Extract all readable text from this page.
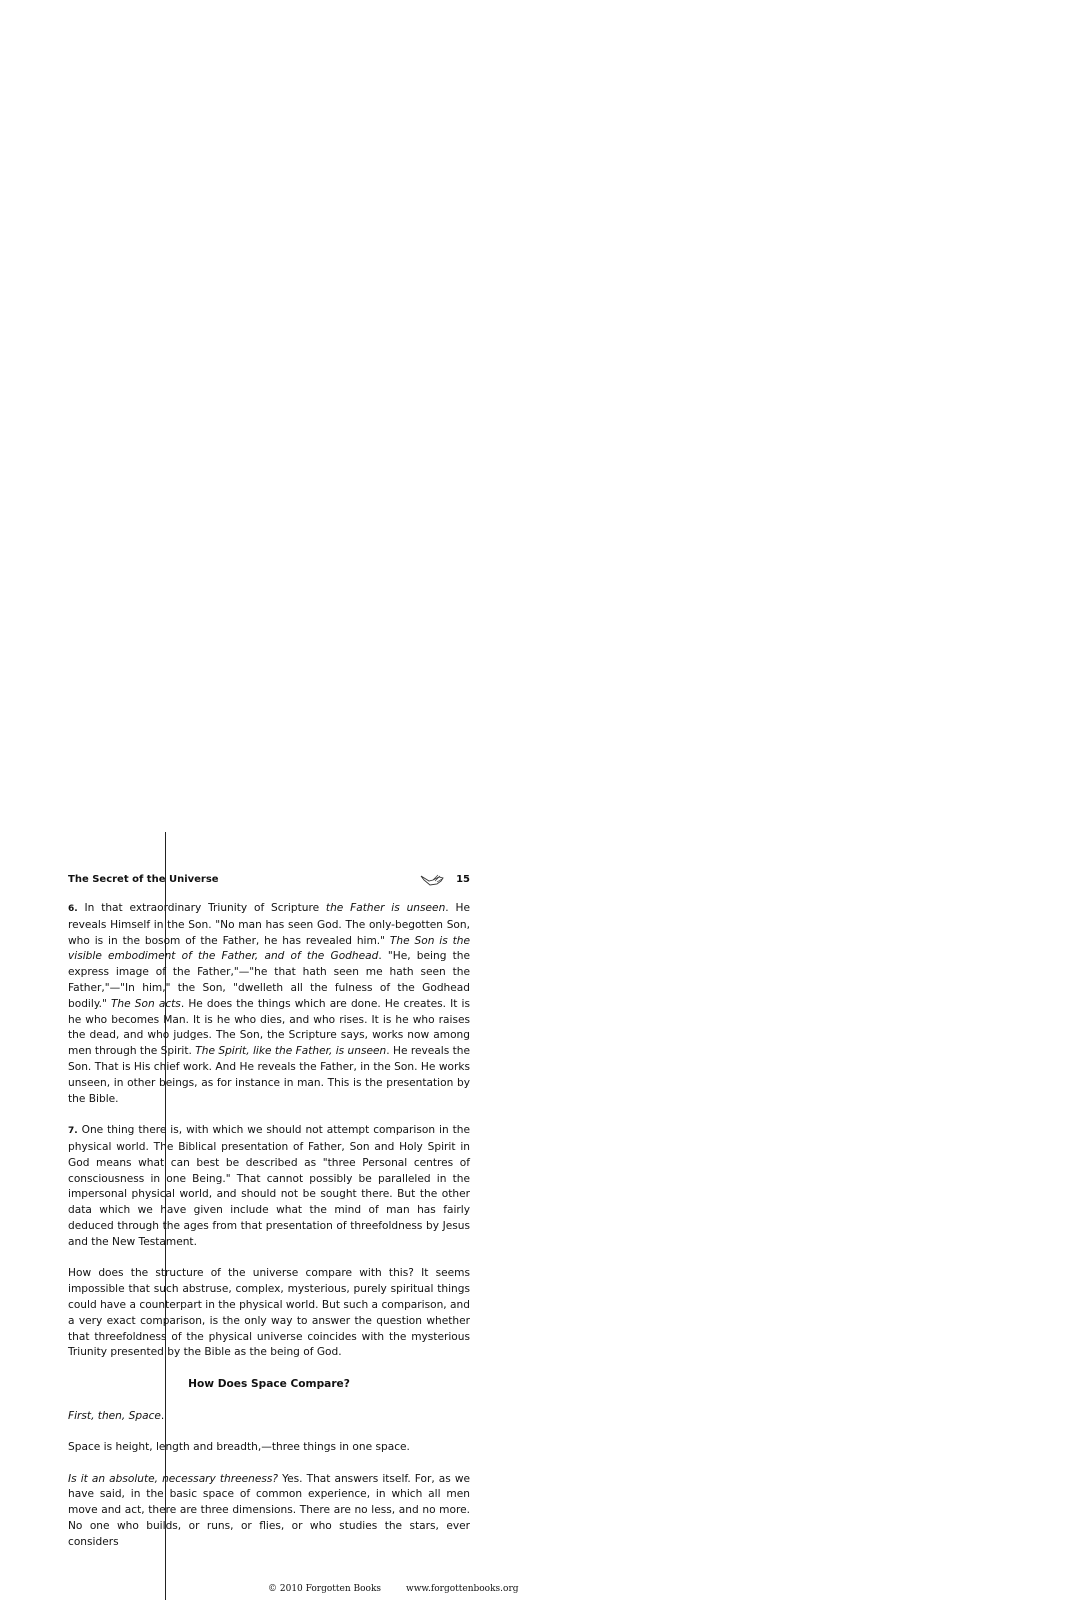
The Secret of the Universe	15

6. In that extraordinary Triunity of Scripture the Father is unseen. He reveals Himself in the Son. "No man has seen God. The only-begotten Son, who is in the bosom of the Father, he has revealed him." The Son is the visible embodiment of the Father, and of the Godhead. "He, being the express image of the Father,"—"he that hath seen me hath seen the Father,"—"In him," the Son, "dwelleth all the fulness of the Godhead bodily." The Son acts. He does the things which are done. He creates. It is he who becomes Man. It is he who dies, and who rises. It is he who raises the dead, and who judges. The Son, the Scripture says, works now among men through the Spirit. The Spirit, like the Father, is unseen. He reveals the Son. That is His chief work. And He reveals the Father, in the Son. He works unseen, in other beings, as for instance in man. This is the presentation by the Bible.

7. One thing there is, with which we should not attempt comparison in the physical world. The Biblical presentation of Father, Son and Holy Spirit in God means what can best be described as "three Personal centres of consciousness in one Being." That cannot possibly be paralleled in the impersonal physical world, and should not be sought there. But the other data which we have given include what the mind of man has fairly deduced through the ages from that presentation of threefoldness by Jesus and the New Testament.

How does the structure of the universe compare with this? It seems impossible that such abstruse, complex, mysterious, purely spiritual things could have a counterpart in the physical world. But such a comparison, and a very exact comparison, is the only way to answer the question whether that threefoldness of the physical universe coincides with the mysterious Triunity presented by the Bible as the being of God.

How Does Space Compare?

First, then, Space.

Space is height, length and breadth,—three things in one space.

Is it an absolute, necessary threeness? Yes. That answers itself. For, as we have said, in the basic space of common experience, in which all men move and act, there are three dimensions. There are no less, and no more. No one who builds, or runs, or flies, or who studies the stars, ever considers

© 2010 Forgotten Books	www.forgottenbooks.org
